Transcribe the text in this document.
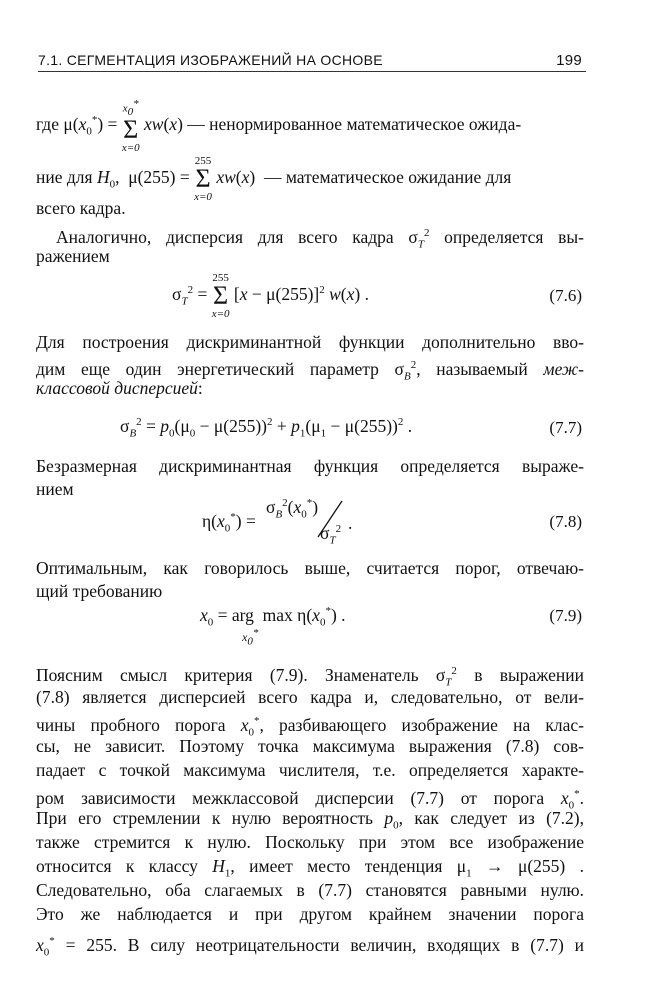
7.1. СЕГМЕНТАЦИЯ ИЗОБРАЖЕНИЙ НА ОСНОВЕ	199
где $\mu(x_0^*)$ =
$x_0^*$
Σ
x=0
xw(x) — ненормированное математическое ожида-
ние для $H_0$,  μ(255) =
255
Σ
x=0
xw(x)  — математическое ожидание для
всего кадра.
Аналогично, дисперсия для всего кадра $\sigma_T^2$ определяется вы-
ражением
$\sigma_T^2$ =
255
Σ
x=0
$[x - \mu(255)]^2$ w(x) .	(7.6)
Для построения дискриминантной функции дополнительно вво-
дим еще один энергетический параметр $\sigma_B^2$, называемый меж-
классовой дисперсией:
$\sigma_B^2 = p_0(\mu_0 - \mu(255))^2 + p_1(\mu_1 - \mu(255))^2$ .	(7.7)
Безразмерная дискриминантная функция определяется выраже-
нием
$\eta(x_0^*)$ =
$\sigma_B^2(x_0^*)$
$\sigma_T^2$ .	(7.8)
Оптимальным, как говорилось выше, считается порог, отвечаю-
щий требованию
$x_0$ = arg  $\max \eta(x_0^*)$ .
$x_0^*$
(7.9)
Поясним смысл критерия (7.9). Знаменатель $\sigma_T^2$ в выражении
(7.8) является дисперсией всего кадра и, следовательно, от вели-
чины пробного порога $x_0^*$, разбивающего изображение на клас-
сы, не зависит. Поэтому точка максимума выражения (7.8) сов-
падает с точкой максимума числителя, т.е. определяется характе-
ром зависимости межклассовой дисперсии (7.7) от порога $x_0^*$.
При его стремлении к нулю вероятность $p_0$, как следует из (7.2),
также стремится к нулю. Поскольку при этом все изображение
относится к классу $H_1$, имеет место тенденция $\mu_1 \to \mu(255)$ .
Следовательно, оба слагаемых в (7.7) становятся равными нулю.
Это же наблюдается и при другом крайнем значении порога
$x_0^* = 255$. В силу неотрицательности величин, входящих в (7.7) и
